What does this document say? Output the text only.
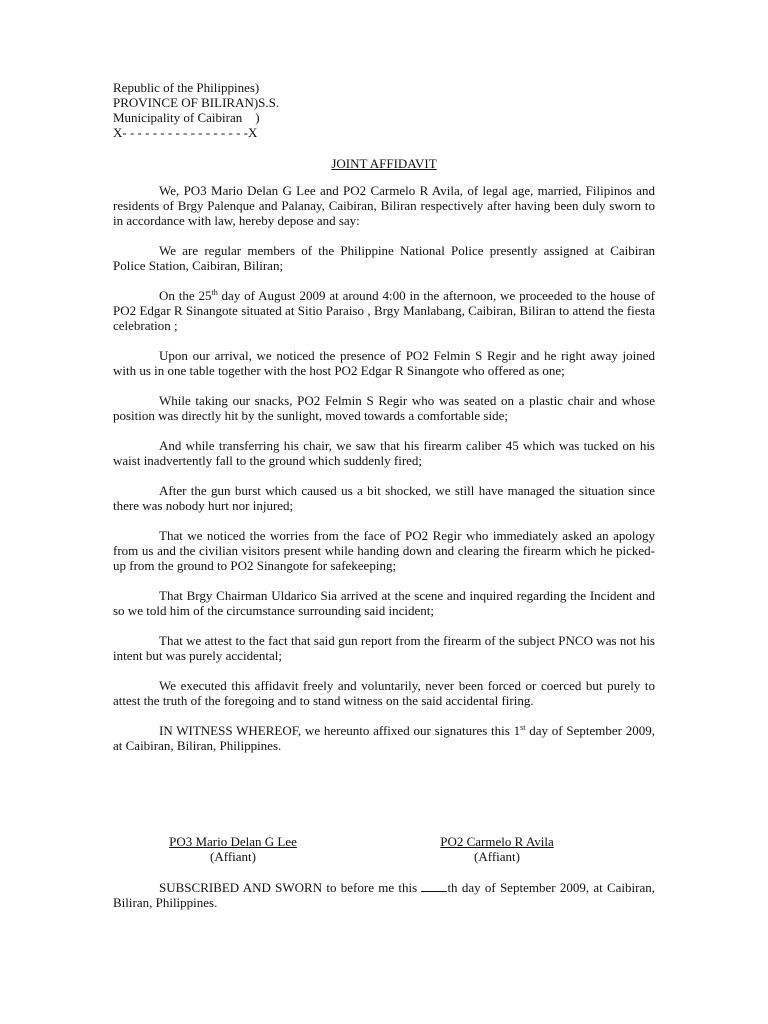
Republic of the Philippines)
PROVINCE OF BILIRAN)S.S.
Municipality of Caibiran    )
X- - - - - - - - - - - - - - - - -X
JOINT AFFIDAVIT

We, PO3 Mario Delan G Lee and PO2 Carmelo R Avila, of legal age, married, Filipinos and residents of Brgy Palenque and Palanay, Caibiran, Biliran respectively after having been duly sworn to in accordance with law, hereby depose and say:

We are regular members of the Philippine National Police presently assigned at Caibiran Police Station, Caibiran, Biliran;

On the 25th day of August 2009 at around 4:00 in the afternoon, we proceeded to the house of PO2 Edgar R Sinangote situated at Sitio Paraiso , Brgy Manlabang, Caibiran, Biliran to attend the fiesta celebration ;

Upon our arrival, we noticed the presence of PO2 Felmin S Regir and he right away joined with us in one table together with the host PO2 Edgar R Sinangote who offered as one;

While taking our snacks, PO2 Felmin S Regir who was seated on a plastic chair and whose position was directly hit by the sunlight, moved towards a comfortable side;

And while transferring his chair, we saw that his firearm caliber 45 which was tucked on his waist inadvertently fall to the ground which suddenly fired;

After the gun burst which caused us a bit shocked, we still have managed the situation since there was nobody hurt nor injured;

That we noticed the worries from the face of PO2 Regir who immediately asked an apology from us and the civilian visitors present while handing down and clearing the firearm which he picked-up from the ground to PO2 Sinangote for safekeeping;

That Brgy Chairman Uldarico Sia arrived at the scene and inquired regarding the Incident and so we told him of the circumstance surrounding said incident;

That we attest to the fact that said gun report from the firearm of the subject PNCO was not his intent but was purely accidental;

We executed this affidavit freely and voluntarily, never been forced or coerced but purely to attest the truth of the foregoing and to stand witness on the said accidental firing.

IN WITNESS WHEREOF, we hereunto affixed our signatures this 1st day of September 2009, at Caibiran, Biliran, Philippines.

PO3 Mario Delan G Lee
(Affiant)
PO2 Carmelo R Avila
(Affiant)

SUBSCRIBED AND SWORN to before me this th day of September 2009, at Caibiran, Biliran, Philippines.
